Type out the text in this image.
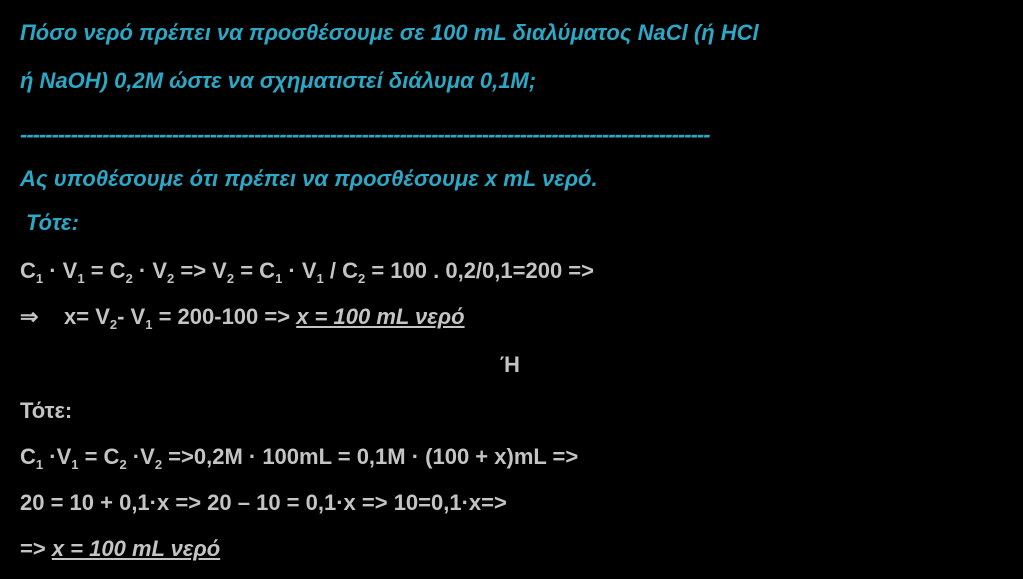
Πόσο νερό πρέπει να προσθέσουμε σε 100 mL διαλύματος NaCl (ή HCl
ή NaOH) 0,2M ώστε να σχηματιστεί διάλυμα 0,1M;
-------------------------------------------------------------------------------------------------------------
Ας υποθέσουμε ότι πρέπει να προσθέσουμε x mL νερό.
Τότε:
$C_1 \cdot V_1 = C_2 \cdot V_2 => V_2 = C_1 \cdot V_1 / C_2 = 100$ . 0,2/0,1=200 =>
⇒ $x= V_2-$ $V_1 = 200-100 => x = 100$ mL νερό
Ή
Τότε:
$C_1 \cdot V_1 = C_2 \cdot V_2 =>0,2M \cdot 100mL = 0,1M \cdot (100 + x)mL$ =>
20 = 10 + 0,1·x => 20 – 10 = 0,1·x => 10=0,1·x=>
=> x = 100 mL νερό
